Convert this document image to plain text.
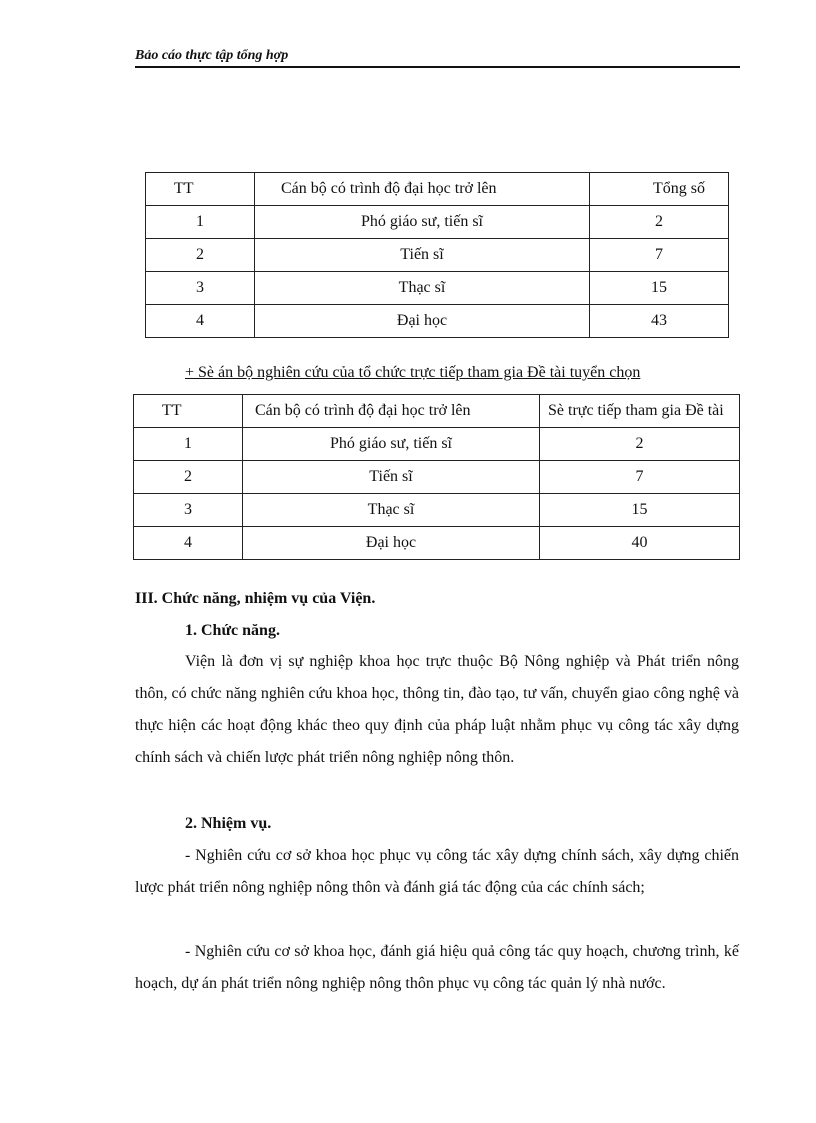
Bảo cáo thực tập tổng hợp
TT	Cán bộ có trình độ đại học trở lên	Tổng số
1	Phó giáo sư, tiến sĩ	2
2	Tiến sĩ	7
3	Thạc sĩ	15
4	Đại học	43
+ Sè án bộ nghiên cứu của tổ chức trực tiếp tham gia Đề tài tuyển chọn
TT	Cán bộ có trình độ đại học trở lên	Sè trực tiếp tham gia Đề tài
1	Phó giáo sư, tiến sĩ	2
2	Tiến sĩ	7
3	Thạc sĩ	15
4	Đại học	40
III. Chức năng, nhiệm vụ của Viện.
1. Chức năng.

Viện là đơn vị sự nghiệp khoa học trực thuộc Bộ Nông nghiệp và Phát triển nông thôn, có chức năng nghiên cứu khoa học, thông tin, đào tạo, tư vấn, chuyển giao công nghệ và thực hiện các hoạt động khác theo quy định của pháp luật nhằm phục vụ công tác xây dựng chính sách và chiến lược phát triển nông nghiệp nông thôn.

2. Nhiệm vụ.

- Nghiên cứu cơ sở khoa học phục vụ công tác xây dựng chính sách, xây dựng chiến lược phát triển nông nghiệp nông thôn và đánh giá tác động của các chính sách;

- Nghiên cứu cơ sở khoa học, đánh giá hiệu quả công tác quy hoạch, chương trình, kế hoạch, dự án phát triển nông nghiệp nông thôn phục vụ công tác quản lý nhà nước.
